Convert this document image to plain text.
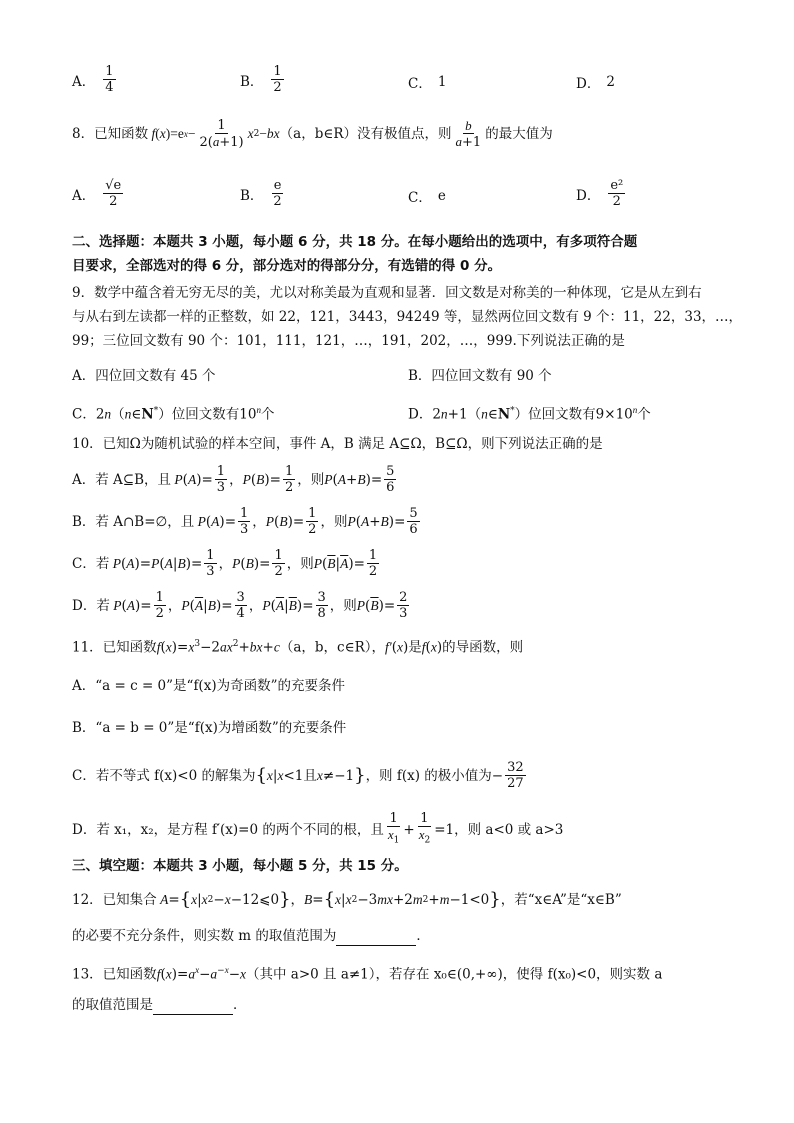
A． $\frac{1}{4}$	B． $\frac{1}{2}$	C． 1	D． 2
8．已知函数 f ( x )=e $x - \frac{1}{2(a+1)}$ x 2 − bx （a，b∈R）没有极值点，则 $\frac{b}{a+1}$ 的最大值为
A． $\frac{√e}{2}$	B． $\frac{e}{2}$	C． e	D． $\frac{\text{e²}}{2}$
二、选择题：本题共 3 小题，每小题 6 分，共 18 分。在每小题给出的选项中，有多项符合题
目要求，全部选对的得 6 分，部分选对的得部分分，有选错的得 0 分。
9．数学中蕴含着无穷无尽的美，尤以对称美最为直观和显著．回文数是对称美的一种体现，它是从左到右
与从右到左读都一样的正整数，如 22，121，3443，94249 等，显然两位回文数有 9 个：11，22，33，…，
99；三位回文数有 90 个：101，111，121，…，191，202，…，999.下列说法正确的是
A．四位回文数有 45 个	B．四位回文数有 90 个
C．2n（n∈N*）位回文数有10$^n$个	D．2n+1（n∈N*）位回文数有$9\times 10^n$个
10．已知Ω为随机试验的样本空间，事件 A，B 满足 A⊆Ω，B⊆Ω，则下列说法正确的是
A．若 A⊆B，且 P ( A )= $\frac{1}{3}$ ， P ( B )= $\frac{1}{2}$ ，则 P ( A + B )= $\frac{5}{6}$
B．若 A∩B=∅，且 P ( A )= $\frac{1}{3}$ ， P ( B )= $\frac{1}{2}$ ，则 P ( A + B )= $\frac{5}{6}$
C．若 P ( A )= P ( A | B )= $\frac{1}{3}$ ， P ( B )= $\frac{1}{2}$ ，则 P ( $\overline{B}$ | $\overline{A}$ )= $\frac{1}{2}$
D．若 P ( A )= $\frac{1}{2}$ ， P ( $\overline{A}$ | B )= $\frac{3}{4}$ ， P ( $\overline{A}$ | $\overline{B}$ )= $\frac{3}{8}$ ，则 P ( $\overline{B}$ )= $\frac{2}{3}$
11．已知函数$f(x)=x^3-2ax^2+bx+c(a$，b，c∈R），f′(x)是f(x)的导函数，则
A．“a = c = 0”是“f(x)为奇函数”的充要条件
B．“a = b = 0”是“f(x)为增函数”的充要条件
C．若不等式 f(x)<0 的解集为 { x | x <1且 x ≠−1 } ，则 f(x) 的极小值为 − $\frac{32}{27}$
D．若 x₁，x₂，是方程 f′(x)=0 的两个不同的根，且 $\frac{1}{x_1} + \frac{1}{x_2} =1$ ，则 a<0 或 a>3
三、填空题：本题共 3 小题，每小题 5 分，共 15 分。
12．已知集合 A = { x | x 2 − x −12⩽0 } ， B = { x | x 2 −3 mx +2 m 2 + m −1<0 } ，若“x∈A”是“x∈B”
的必要不充分条件，则实数 m 的取值范围为	．
13．已知函数$f(x)=a^x-a^{-x}-x$（其中 a>0 且 a≠1），若存在 x₀∈(0,+∞)，使得 f(x₀)<0，则实数 a
的取值范围是	．
